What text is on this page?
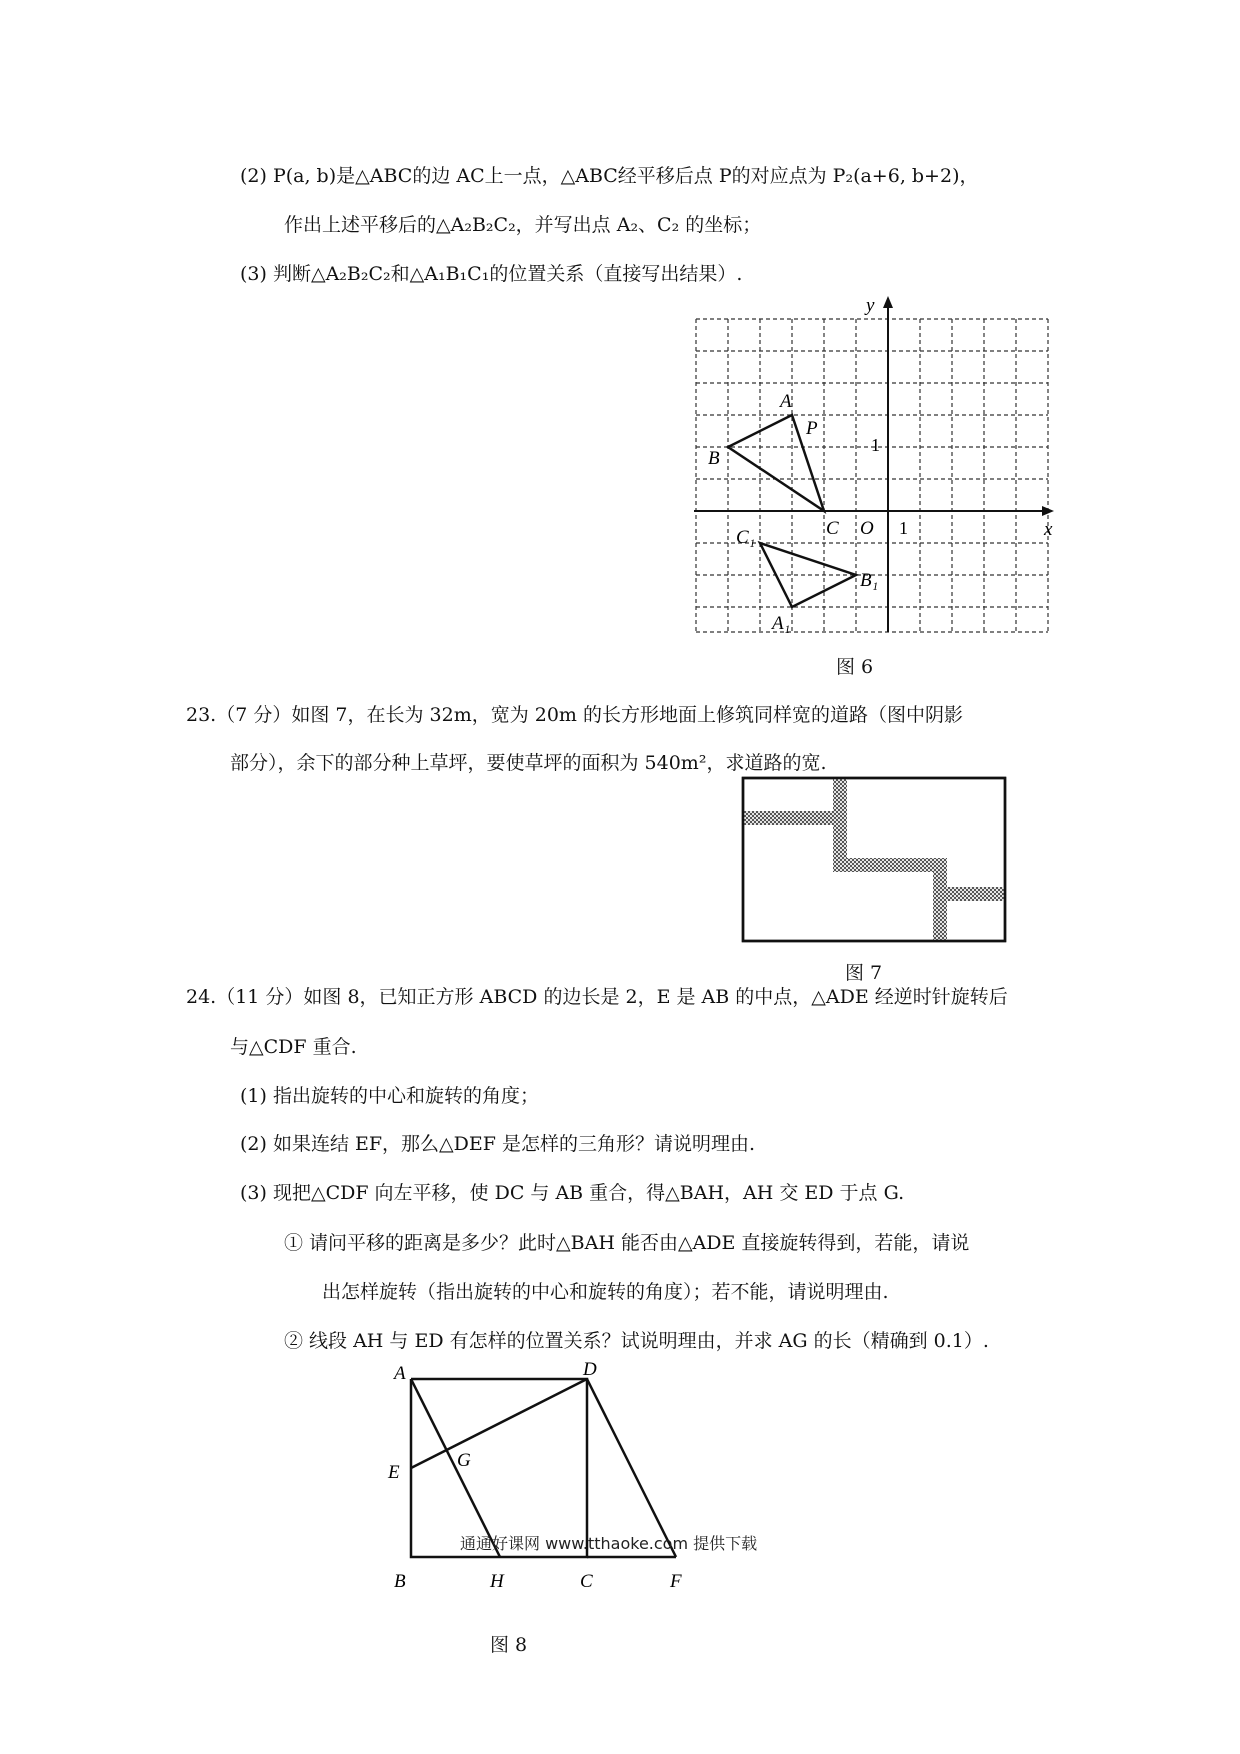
(2) P(a, b)是△ABC的边 AC上一点，△ABC经平移后点 P的对应点为 P₂(a+6, b+2)，
作出上述平移后的△A₂B₂C₂，并写出点 A₂、C₂ 的坐标；
(3) 判断△A₂B₂C₂和△A₁B₁C₁的位置关系（直接写出结果）.
x
y
O 1
1
A
B
C
P
C₁
B₁
A₁
图 6
23.（7 分）如图 7，在长为 32m，宽为 20m 的长方形地面上修筑同样宽的道路（图中阴影
部分），余下的部分种上草坪，要使草坪的面积为 540m²，求道路的宽.
图 7
24.（11 分）如图 8，已知正方形 ABCD 的边长是 2，E 是 AB 的中点，△ADE 经逆时针旋转后
与△CDF 重合.
(1) 指出旋转的中心和旋转的角度；
(2) 如果连结 EF，那么△DEF 是怎样的三角形？请说明理由.
(3) 现把△CDF 向左平移，使 DC 与 AB 重合，得△BAH，AH 交 ED 于点 G.
① 请问平移的距离是多少？此时△BAH 能否由△ADE 直接旋转得到，若能，请说
出怎样旋转（指出旋转的中心和旋转的角度）；若不能，请说明理由.
② 线段 AH 与 ED 有怎样的位置关系？试说明理由，并求 AG 的长（精确到 0.1）.
A	D
E
G
B	H	C	F
通通好课网 www.tthaoke.com 提供下载
图 8
